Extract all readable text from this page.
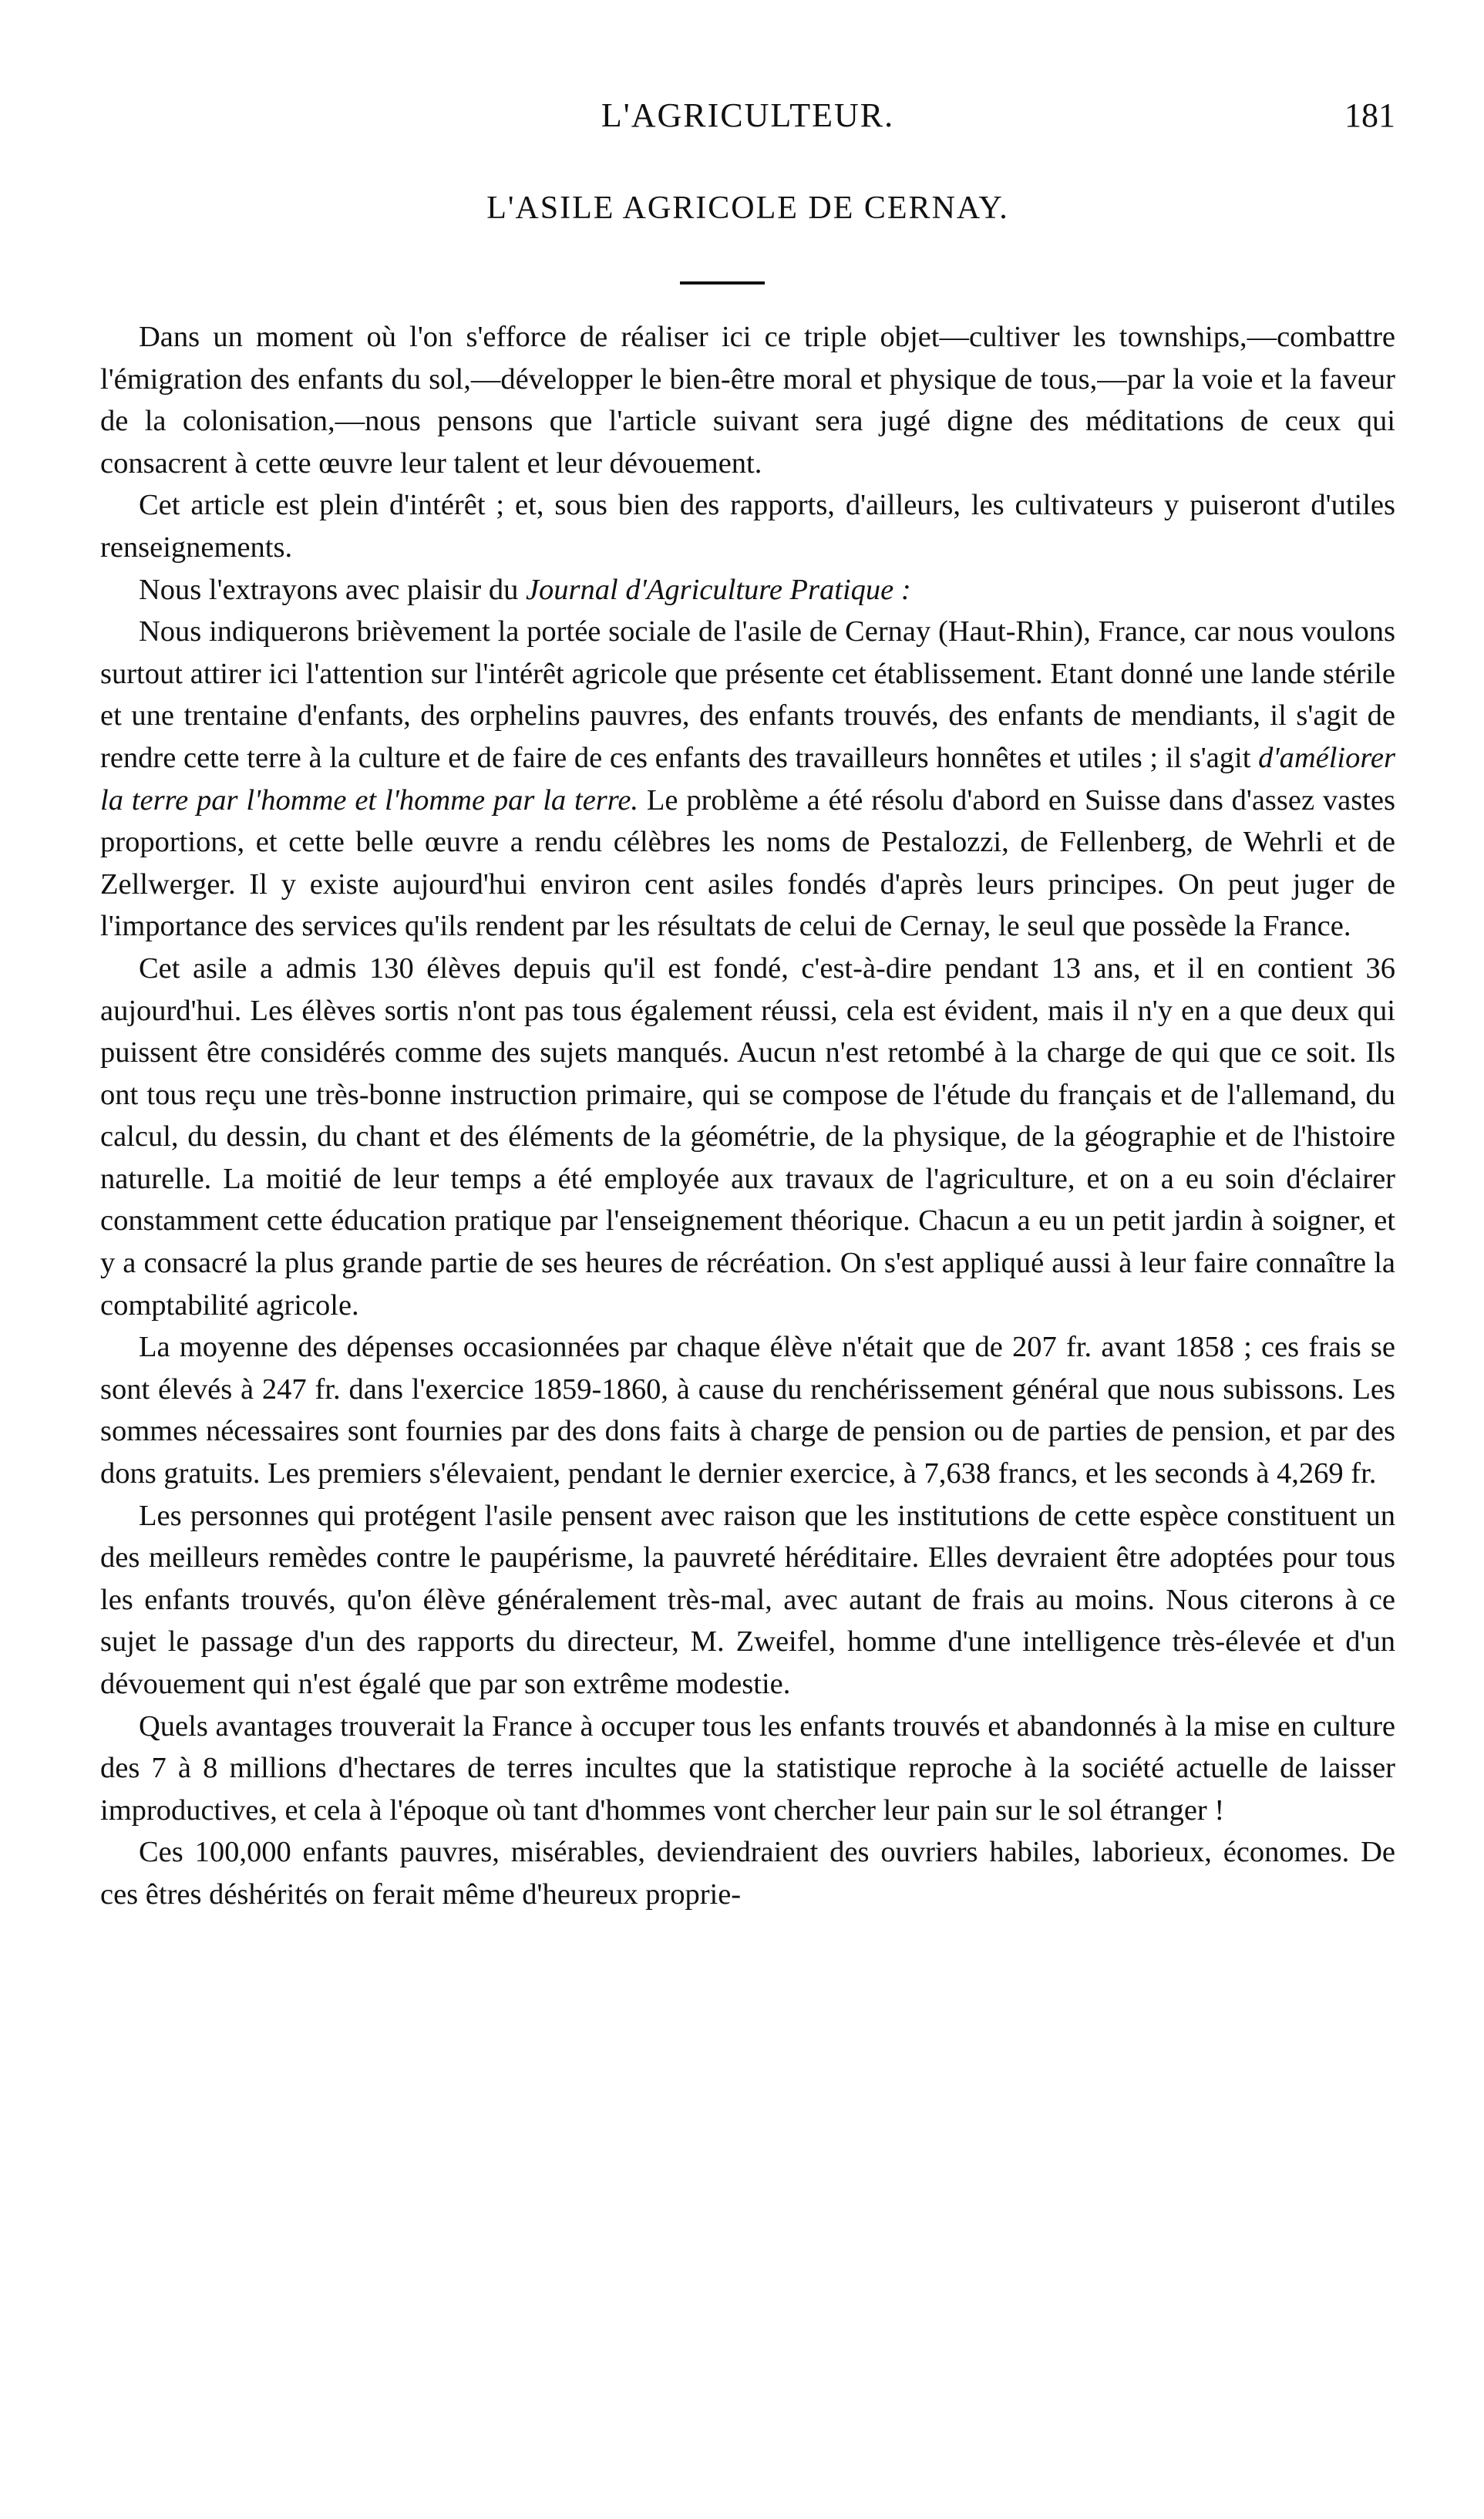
L'AGRICULTEUR.	181
L'ASILE AGRICOLE DE CERNAY.

Dans un moment où l'on s'efforce de réaliser ici ce triple objet—cultiver les townships,—combattre l'émigration des enfants du sol,—développer le bien-être moral et physique de tous,—par la voie et la faveur de la colonisation,—nous pensons que l'article suivant sera jugé digne des méditations de ceux qui consacrent à cette œuvre leur talent et leur dévouement.

Cet article est plein d'intérêt ; et, sous bien des rapports, d'ailleurs, les cultivateurs y puiseront d'utiles renseignements.

Nous l'extrayons avec plaisir du Journal d'Agriculture Pratique :

Nous indiquerons brièvement la portée sociale de l'asile de Cernay (Haut-Rhin), France, car nous voulons surtout attirer ici l'attention sur l'intérêt agricole que présente cet établissement. Etant donné une lande stérile et une trentaine d'enfants, des orphelins pauvres, des enfants trouvés, des enfants de mendiants, il s'agit de rendre cette terre à la culture et de faire de ces enfants des travailleurs honnêtes et utiles ; il s'agit d'améliorer la terre par l'homme et l'homme par la terre. Le problème a été résolu d'abord en Suisse dans d'assez vastes proportions, et cette belle œuvre a rendu célèbres les noms de Pestalozzi, de Fellenberg, de Wehrli et de Zellwerger. Il y existe aujourd'hui environ cent asiles fondés d'après leurs principes. On peut juger de l'importance des services qu'ils rendent par les résultats de celui de Cernay, le seul que possède la France.

Cet asile a admis 130 élèves depuis qu'il est fondé, c'est-à-dire pendant 13 ans, et il en contient 36 aujourd'hui. Les élèves sortis n'ont pas tous également réussi, cela est évident, mais il n'y en a que deux qui puissent être considérés comme des sujets manqués. Aucun n'est retombé à la charge de qui que ce soit. Ils ont tous reçu une très-bonne instruction primaire, qui se compose de l'étude du français et de l'allemand, du calcul, du dessin, du chant et des éléments de la géométrie, de la physique, de la géographie et de l'histoire naturelle. La moitié de leur temps a été employée aux travaux de l'agriculture, et on a eu soin d'éclairer constamment cette éducation pratique par l'enseignement théorique. Chacun a eu un petit jardin à soigner, et y a consacré la plus grande partie de ses heures de récréation. On s'est appliqué aussi à leur faire connaître la comptabilité agricole.

La moyenne des dépenses occasionnées par chaque élève n'était que de 207 fr. avant 1858 ; ces frais se sont élevés à 247 fr. dans l'exercice 1859-1860, à cause du renchérissement général que nous subissons. Les sommes nécessaires sont fournies par des dons faits à charge de pension ou de parties de pension, et par des dons gratuits. Les premiers s'élevaient, pendant le dernier exercice, à 7,638 francs, et les seconds à 4,269 fr.

Les personnes qui protégent l'asile pensent avec raison que les institutions de cette espèce constituent un des meilleurs remèdes contre le paupérisme, la pauvreté héréditaire. Elles devraient être adoptées pour tous les enfants trouvés, qu'on élève généralement très-mal, avec autant de frais au moins. Nous citerons à ce sujet le passage d'un des rapports du directeur, M. Zweifel, homme d'une intelligence très-élevée et d'un dévouement qui n'est égalé que par son extrême modestie.

Quels avantages trouverait la France à occuper tous les enfants trouvés et abandonnés à la mise en culture des 7 à 8 millions d'hectares de terres incultes que la statistique reproche à la société actuelle de laisser improductives, et cela à l'époque où tant d'hommes vont chercher leur pain sur le sol étranger !

Ces 100,000 enfants pauvres, misérables, deviendraient des ouvriers habiles, laborieux, économes. De ces êtres déshérités on ferait même d'heureux proprie-
